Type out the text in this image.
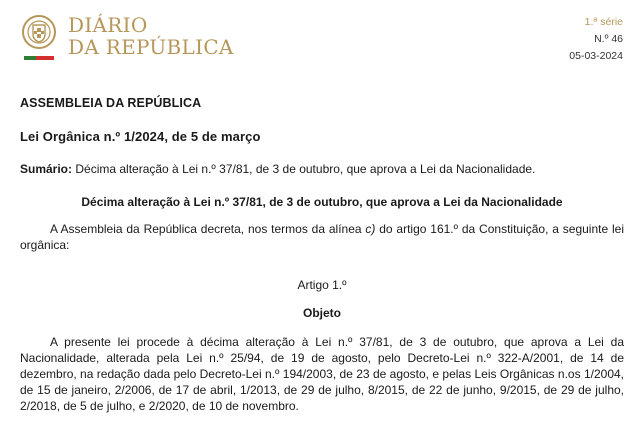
DIÁRIO
DA REPÚBLICA
1.ª série
N.º 46
05-03-2024
ASSEMBLEIA DA REPÚBLICA
Lei Orgânica n.º 1/2024, de 5 de março
Sumário: Décima alteração à Lei n.º 37/81, de 3 de outubro, que aprova a Lei da Nacionalidade.
Décima alteração à Lei n.º 37/81, de 3 de outubro, que aprova a Lei da Nacionalidade
A Assembleia da República decreta, nos termos da alínea c) do artigo 161.º da Constituição, a seguinte lei orgânica:
Artigo 1.º
Objeto
A presente lei procede à décima alteração à Lei n.º 37/81, de 3 de outubro, que aprova a Lei da Nacionalidade, alterada pela Lei n.º 25/94, de 19 de agosto, pelo Decreto-Lei n.º 322-A/2001, de 14 de dezembro, na redação dada pelo Decreto-Lei n.º 194/2003, de 23 de agosto, e pelas Leis Orgânicas n.os 1/2004, de 15 de janeiro, 2/2006, de 17 de abril, 1/2013, de 29 de julho, 8/2015, de 22 de junho, 9/2015, de 29 de julho, 2/2018, de 5 de julho, e 2/2020, de 10 de novembro.
